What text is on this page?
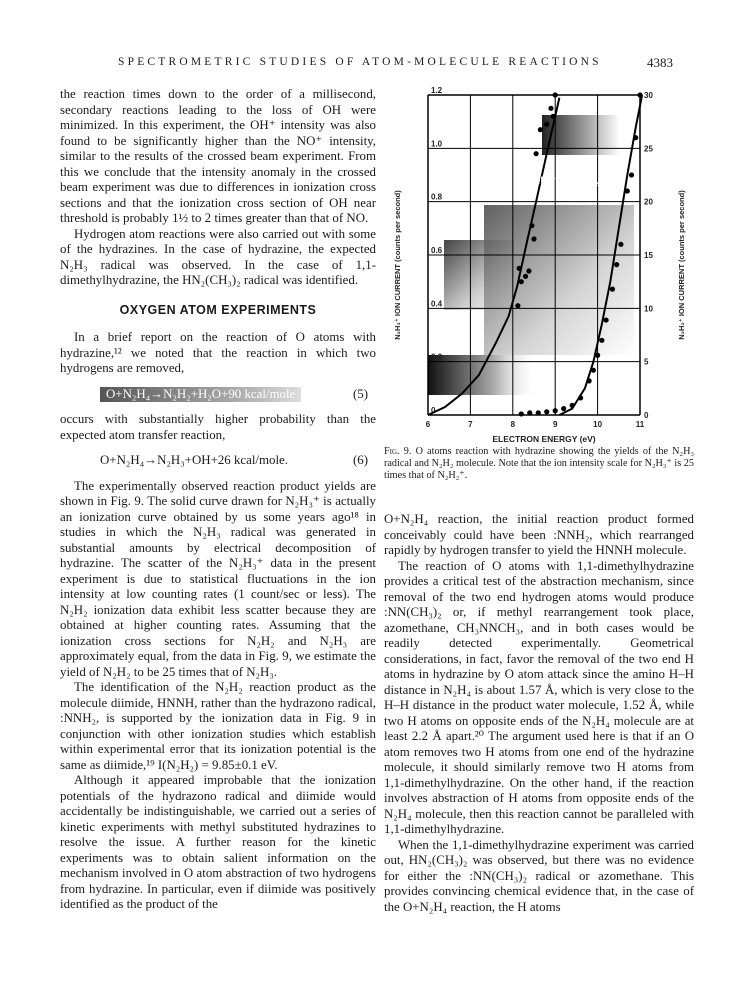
SPECTROMETRIC STUDIES OF ATOM-MOLECULE REACTIONS	4383

the reaction times down to the order of a millisecond, secondary reactions leading to the loss of OH were minimized. In this experiment, the OH⁺ intensity was also found to be significantly higher than the NO⁺ intensity, similar to the results of the crossed beam experiment. From this we conclude that the intensity anomaly in the crossed beam experiment was due to differences in ionization cross sections and that the ionization cross section of OH near threshold is probably 1½ to 2 times greater than that of NO.

Hydrogen atom reactions were also carried out with some of the hydrazines. In the case of hydrazine, the expected N₂H₃ radical was observed. In the case of 1,1-dimethylhydrazine, the HN₂(CH₃)₂ radical was identified.

OXYGEN ATOM EXPERIMENTS

In a brief report on the reaction of O atoms with hydrazine,¹² we noted that the reaction in which two hydrogens are removed,

O+N₂H₄→N₂H₂+H₂O+90 kcal/mole	(5)

occurs with substantially higher probability than the expected atom transfer reaction,

O+N₂H₄→N₂H₃+OH+26 kcal/mole.	(6)

The experimentally observed reaction product yields are shown in Fig. 9. The solid curve drawn for N₂H₃⁺ is actually an ionization curve obtained by us some years ago¹⁸ in studies in which the N₂H₃ radical was generated in substantial amounts by electrical decomposition of hydrazine. The scatter of the N₂H₃⁺ data in the present experiment is due to statistical fluctuations in the ion intensity at low counting rates (1 count/sec or less). The N₂H₂ ionization data exhibit less scatter because they are obtained at higher counting rates. Assuming that the ionization cross sections for N₂H₂ and N₂H₃ are approximately equal, from the data in Fig. 9, we estimate the yield of N₂H₂ to be 25 times that of N₂H₃.

The identification of the N₂H₂ reaction product as the molecule diimide, HNNH, rather than the hydrazono radical, :NNH₂, is supported by the ionization data in Fig. 9 in conjunction with other ionization studies which establish within experimental error that its ionization potential is the same as diimide,¹⁹ I(N₂H₂) = 9.85±0.1 eV.

Although it appeared improbable that the ionization potentials of the hydrazono radical and diimide would accidentally be indistinguishable, we carried out a series of kinetic experiments with methyl substituted hydrazines to resolve the issue. A further reason for the kinetic experiments was to obtain salient information on the mechanism involved in O atom abstraction of two hydrogens from hydrazine. In particular, even if diimide was positively identified as the product of the

6	7	8	9	10	11
0
0.2
0.4
0.6
0.8
1.0
1.2
0
5
10
15
20
25
30
N₂H₃⁺	N₂H₂⁺
ELECTRON ENERGY (eV)
N₂H₃⁺ ION CURRENT (counts per second)	N₂H₂⁺ ION CURRENT (counts per second)
Fig. 9. O atoms reaction with hydrazine showing the yields of the N₂H₃ radical and N₂H₂ molecule. Note that the ion intensity scale for N₂H₃⁺ is 25 times that of N₂H₂⁺.

O+N₂H₄ reaction, the initial reaction product formed conceivably could have been :NNH₂, which rearranged rapidly by hydrogen transfer to yield the HNNH molecule.

The reaction of O atoms with 1,1-dimethylhydrazine provides a critical test of the abstraction mechanism, since removal of the two end hydrogen atoms would produce :NN(CH₃)₂ or, if methyl rearrangement took place, azomethane, CH₃NNCH₃, and in both cases would be readily detected experimentally. Geometrical considerations, in fact, favor the removal of the two end H atoms in hydrazine by O atom attack since the amino H–H distance in N₂H₄ is about 1.57 Å, which is very close to the H–H distance in the product water molecule, 1.52 Å, while two H atoms on opposite ends of the N₂H₄ molecule are at least 2.2 Å apart.²⁰ The argument used here is that if an O atom removes two H atoms from one end of the hydrazine molecule, it should similarly remove two H atoms from 1,1-dimethylhydrazine. On the other hand, if the reaction involves abstraction of H atoms from opposite ends of the N₂H₄ molecule, then this reaction cannot be paralleled with 1,1-dimethylhydrazine.

When the 1,1-dimethylhydrazine experiment was carried out, HN₂(CH₃)₂ was observed, but there was no evidence for either the :NN(CH₃)₂ radical or azomethane. This provides convincing chemical evidence that, in the case of the O+N₂H₄ reaction, the H atoms
